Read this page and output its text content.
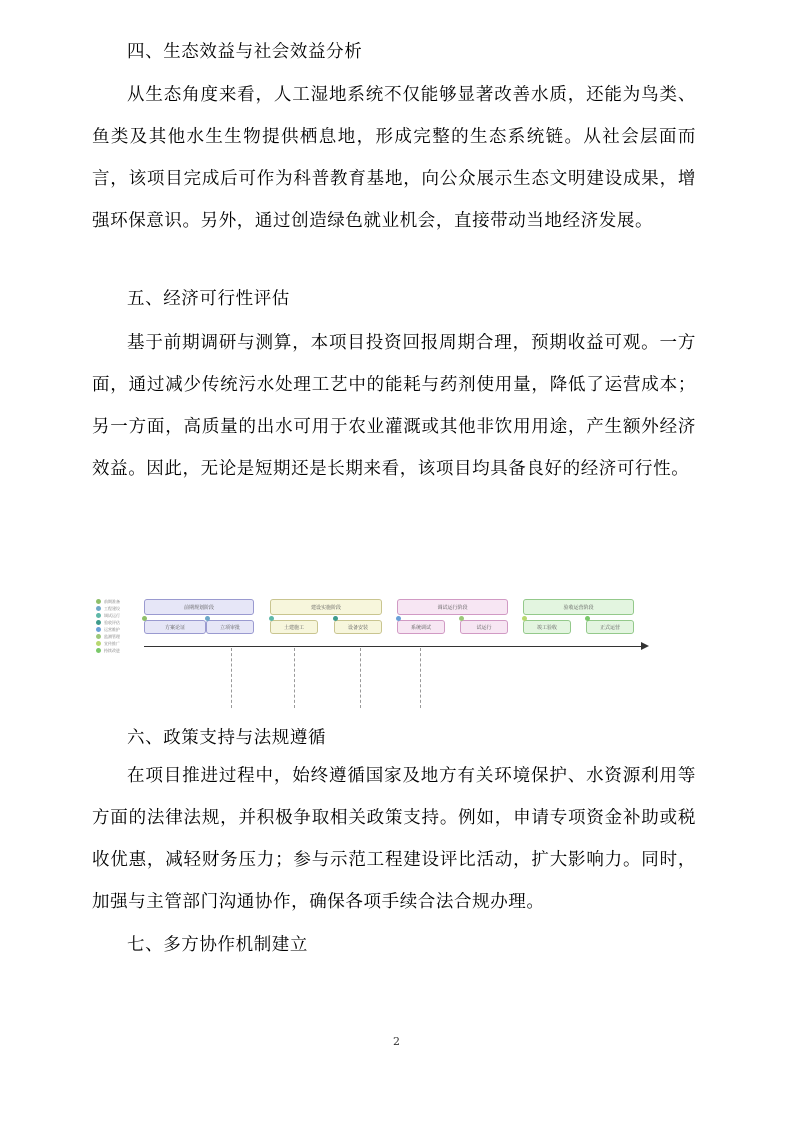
四、生态效益与社会效益分析

从生态角度来看，人工湿地系统不仅能够显著改善水质，还能为鸟类、鱼类及其他水生生物提供栖息地，形成完整的生态系统链。从社会层面而言，该项目完成后可作为科普教育基地，向公众展示生态文明建设成果，增强环保意识。另外，通过创造绿色就业机会，直接带动当地经济发展。

五、经济可行性评估

基于前期调研与测算，本项目投资回报周期合理，预期收益可观。一方面，通过减少传统污水处理工艺中的能耗与药剂使用量，降低了运营成本；另一方面，高质量的出水可用于农业灌溉或其他非饮用用途，产生额外经济效益。因此，无论是短期还是长期来看，该项目均具备良好的经济可行性。

前期准备
工程建设
调试运行
验收评估
运营维护
监测管理
宣传推广
持续改进
前期规划阶段	建设实施阶段	调试运行阶段	验收运营阶段
方案论证	立项审批	土建施工	设备安装	系统调试	试运行	竣工验收	正式运营

六、政策支持与法规遵循

在项目推进过程中，始终遵循国家及地方有关环境保护、水资源利用等方面的法律法规，并积极争取相关政策支持。例如，申请专项资金补助或税收优惠，减轻财务压力；参与示范工程建设评比活动，扩大影响力。同时，加强与主管部门沟通协作，确保各项手续合法合规办理。

七、多方协作机制建立

2
